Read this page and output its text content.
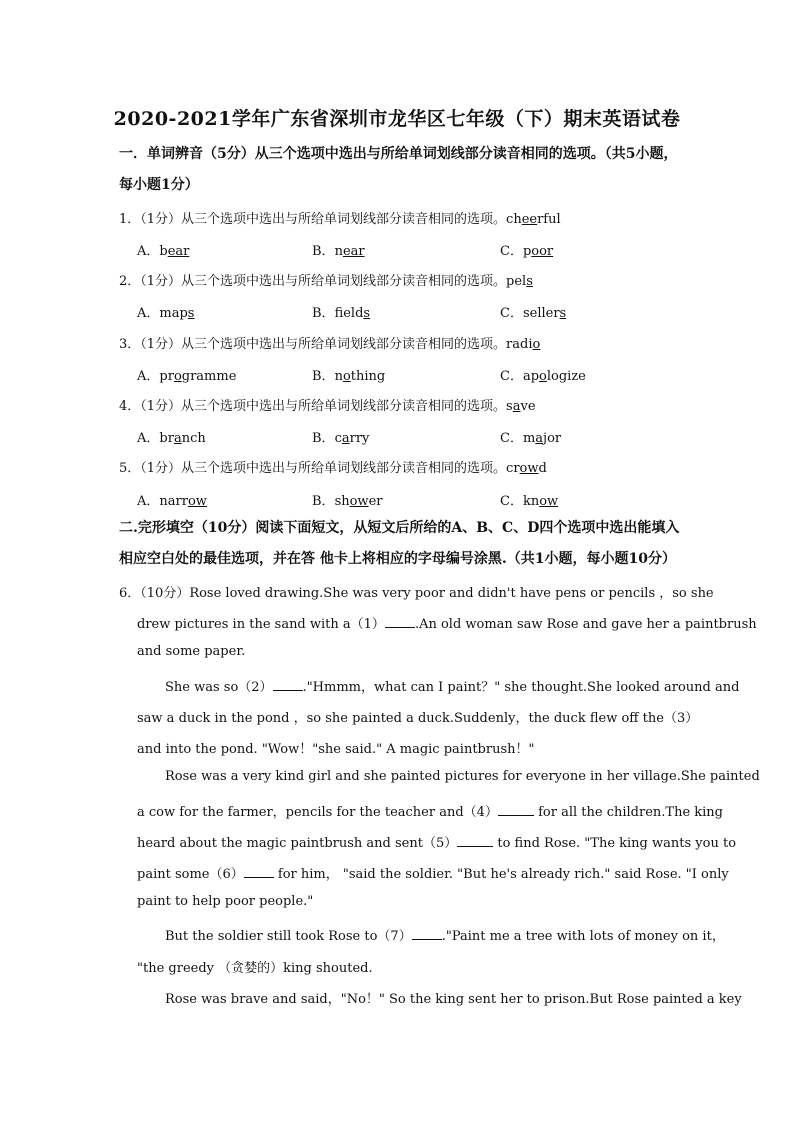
2020-2021学年广东省深圳市龙华区七年级（下）期末英语试卷
一．单词辨音（5分）从三个选项中选出与所给单词划线部分读音相同的选项。（共5小题，
每小题1分）
1．（1分）从三个选项中选出与所给单词划线部分读音相同的选项。cheerful
A．bear	B．near	C．poor
2．（1分）从三个选项中选出与所给单词划线部分读音相同的选项。pels
A．maps	B．fields	C．sellers
3．（1分）从三个选项中选出与所给单词划线部分读音相同的选项。radio
A．programme	B．nothing	C．apologize
4．（1分）从三个选项中选出与所给单词划线部分读音相同的选项。save
A．branch	B．carry	C．major
5．（1分）从三个选项中选出与所给单词划线部分读音相同的选项。crowd
A．narrow	B．shower	C．know
二.完形填空（10分）阅读下面短文，从短文后所给的A、B、C、D四个选项中选出能填入
相应空白处的最佳选项，并在答 他卡上将相应的字母编号涂黑.（共1小题，每小题10分）
6．（10分）Rose loved drawing.She was very poor and didn't have pens or pencils ，so she
drew pictures in the sand with a（1） .An old woman saw Rose and gave her a paintbrush
and some paper.
She was so（2） ."Hmmm，what can I paint？" she thought.She looked around and
saw a duck in the pond ，so she painted a duck.Suddenly，the duck flew off the（3）
and into the pond. "Wow！"she said." A magic paintbrush！"
Rose was a very kind girl and she painted pictures for everyone in her village.She painted
a cow for the farmer，pencils for the teacher and（4）	for all the children.The king
heard about the magic paintbrush and sent（5）	to find Rose. "The king wants you to
paint some（6）	for him， "said the soldier. "But he's already rich." said Rose. "I only
paint to help poor people."
But the soldier still took Rose to（7） ."Paint me a tree with lots of money on it，
"the greedy （贪婪的）king shouted.
Rose was brave and said，"No！" So the king sent her to prison.But Rose painted a key
